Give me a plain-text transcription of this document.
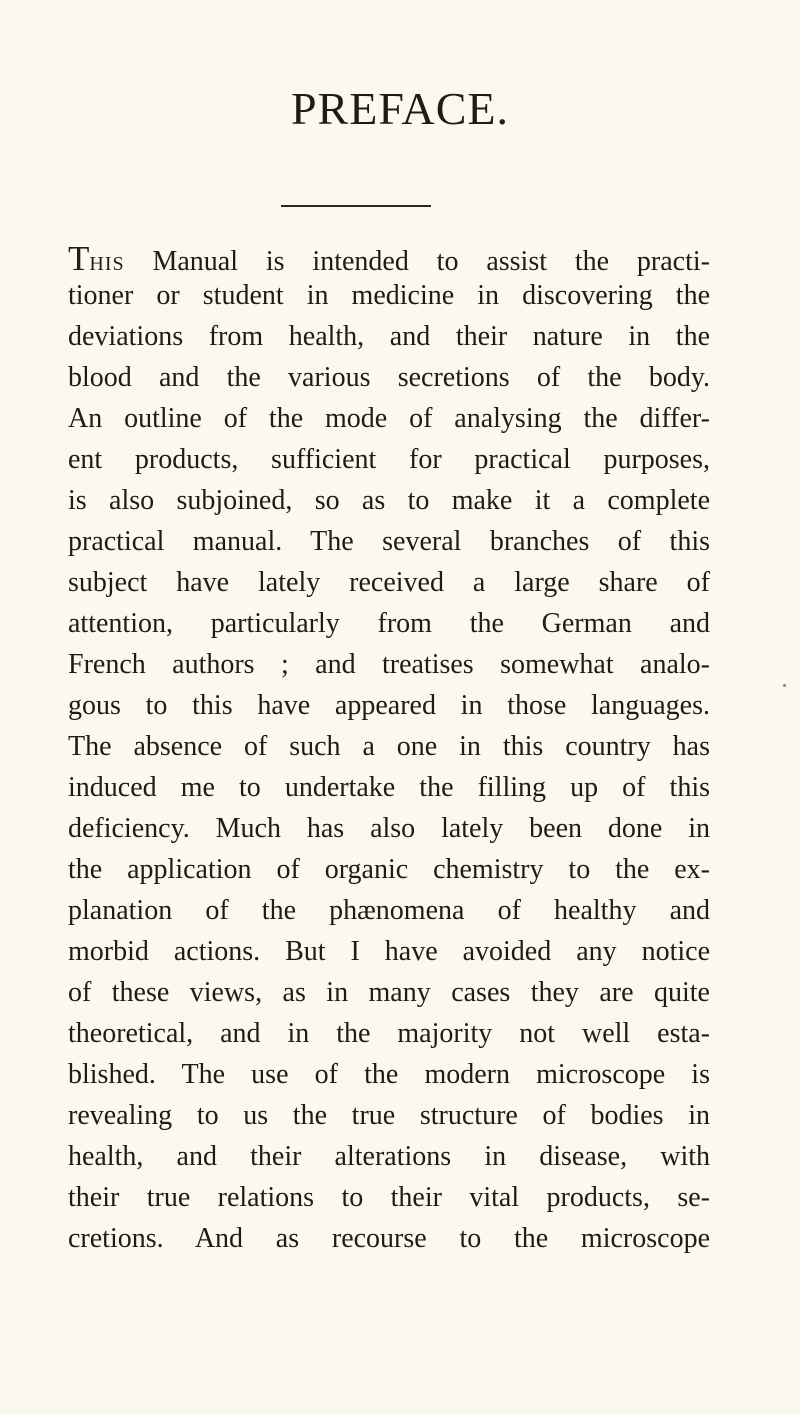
PREFACE.
THIS Manual is intended to assist the practi-
tioner or student in medicine in discovering the
deviations from health, and their nature in the
blood and the various secretions of the body.
An outline of the mode of analysing the differ-
ent products, sufficient for practical purposes,
is also subjoined, so as to make it a complete
practical manual. The several branches of this
subject have lately received a large share of
attention, particularly from the German and
French authors ; and treatises somewhat analo-
gous to this have appeared in those languages.
The absence of such a one in this country has
induced me to undertake the filling up of this
deficiency. Much has also lately been done in
the application of organic chemistry to the ex-
planation of the phænomena of healthy and
morbid actions. But I have avoided any notice
of these views, as in many cases they are quite
theoretical, and in the majority not well esta-
blished. The use of the modern microscope is
revealing to us the true structure of bodies in
health, and their alterations in disease, with
their true relations to their vital products, se-
cretions. And as recourse to the microscope
